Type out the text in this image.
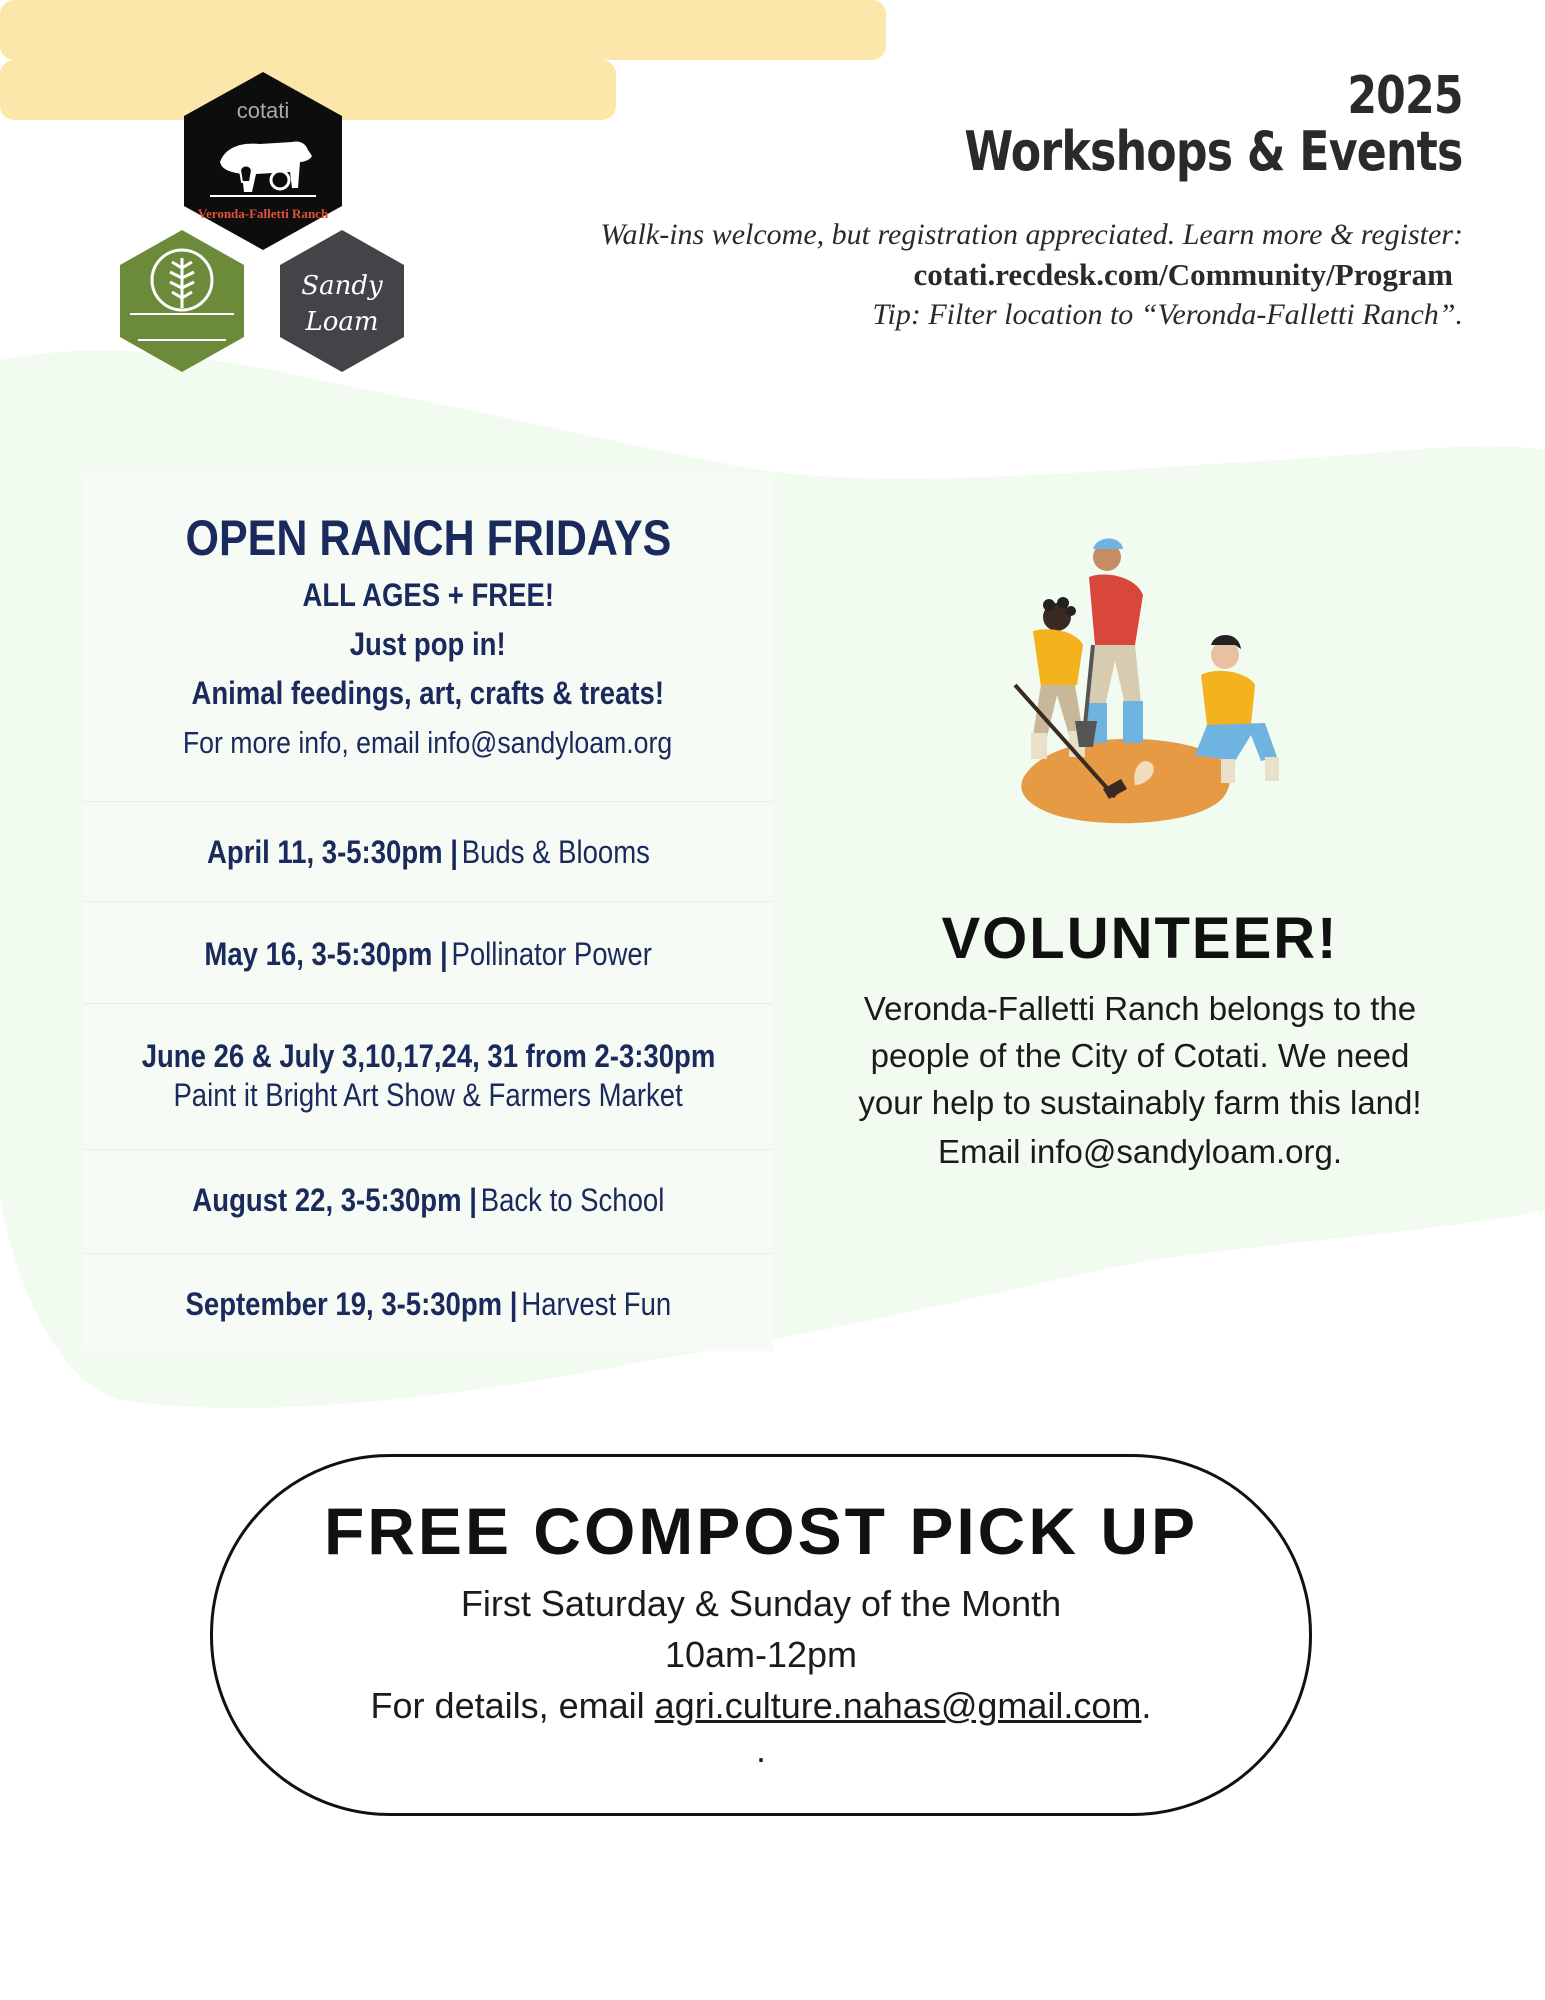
cotati
Veronda-Falletti Ranch
Sandy
Loam
2025
Workshops & Events
Walk-ins welcome, but registration appreciated. Learn more & register:
cotati.recdesk.com/Community/Program
Tip: Filter location to “Veronda-Falletti Ranch”.
OPEN RANCH FRIDAYS
ALL AGES + FREE!
Just pop in!
Animal feedings, art, crafts & treats!
For more info, email info@sandyloam.org
April 11, 3-5:30pm | Buds & Blooms
May 16, 3-5:30pm | Pollinator Power
June 26 & July 3,10,17,24, 31 from 2-3:30pm
Paint it Bright Art Show & Farmers Market
August 22, 3-5:30pm | Back to School
September 19, 3-5:30pm | Harvest Fun
VOLUNTEER!
Veronda-Falletti Ranch belongs to the
people of the City of Cotati. We need
your help to sustainably farm this land!
Email info@sandyloam.org.
FREE COMPOST PICK UP
First Saturday & Sunday of the Month
10am-12pm
For details, email agri.culture.nahas@gmail.com.
.
